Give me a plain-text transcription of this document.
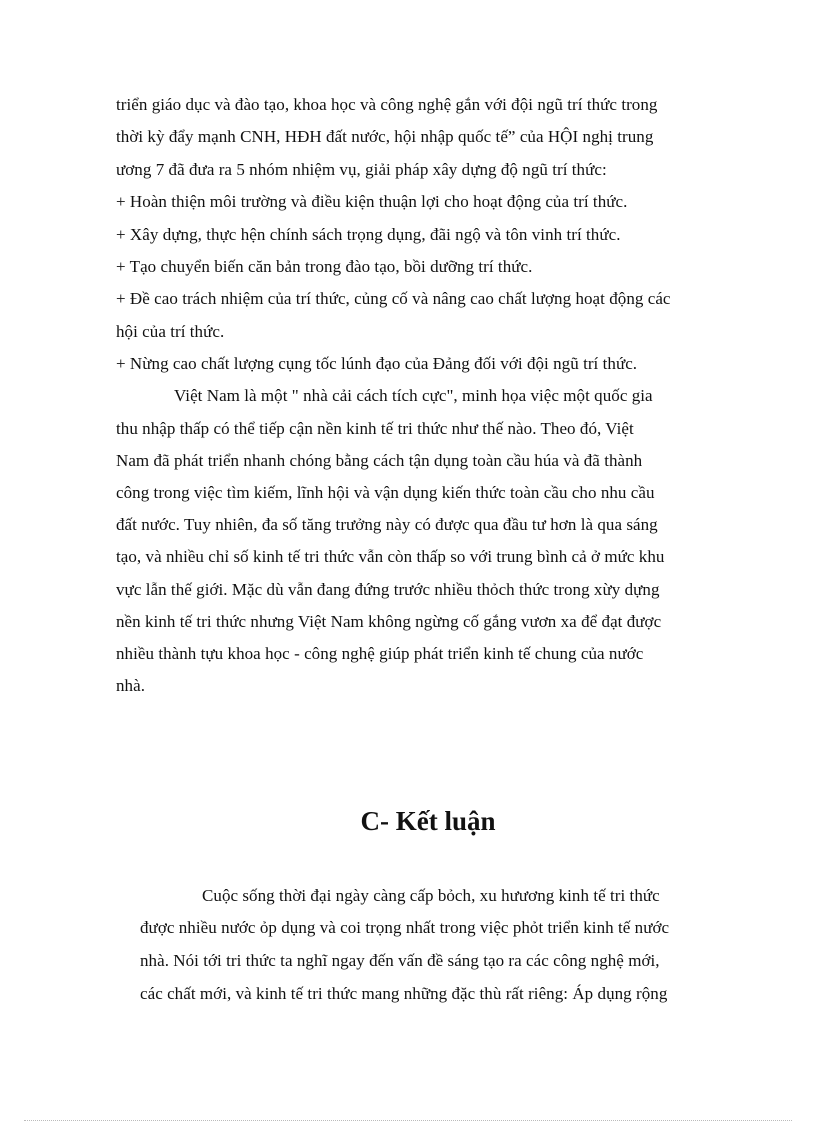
triển giáo dục và đào tạo, khoa học và công nghệ gắn với đội ngũ trí thức trong
thời kỳ đẩy mạnh CNH, HĐH đất nước, hội nhập quốc tế” của HỘI nghị trung
ương 7 đã đưa ra 5 nhóm nhiệm vụ, giải pháp xây dựng độ ngũ trí thức:
+ Hoàn thiện môi trường và điều kiện thuận lợi cho hoạt động của trí thức.
+ Xây dựng, thực hện chính sách trọng dụng, đãi ngộ và tôn vinh trí thức.
+ Tạo chuyển biến căn bản trong đào tạo, bồi dưỡng trí thức.
+ Đề cao trách nhiệm của trí thức, củng cố và nâng cao chất lượng hoạt động các
hội của trí thức.
+ Nừng cao chất lượng cụng tốc lúnh đạo của Đảng đối với đội ngũ trí thức.
Việt Nam là một " nhà cải cách tích cực", minh họa việc một quốc gia
thu nhập thấp có thể tiếp cận nền kinh tế tri thức như thế nào. Theo đó, Việt
Nam đã phát triển nhanh chóng bằng cách tận dụng toàn cầu húa và đã thành
công trong việc tìm kiếm, lĩnh hội và vận dụng kiến thức toàn cầu cho nhu cầu
đất nước. Tuy nhiên, đa số tăng trưởng này có được qua đầu tư hơn là qua sáng
tạo, và nhiều chỉ số kinh tế tri thức vẫn còn thấp so với trung bình cả ở mức khu
vực lẫn thế giới. Mặc dù vẫn đang đứng trước nhiều thỏch thức trong xừy dựng
nền kinh tế tri thức nhưng Việt Nam không ngừng cố gắng vươn xa để đạt được
nhiều thành tựu khoa học - công nghệ giúp phát triển kinh tế chung của nước
nhà.
C- Kết luận
Cuộc sống thời đại ngày càng cấp bỏch, xu hưương kinh tế tri thức
được nhiều nước ỏp dụng và coi trọng nhất trong việc phỏt triển kinh tế nước
nhà. Nói tới tri thức ta nghĩ ngay đến vấn đề sáng tạo ra các công nghệ mới,
các chất mới, và kinh tế tri thức mang những đặc thù rất riêng: Áp dụng rộng
